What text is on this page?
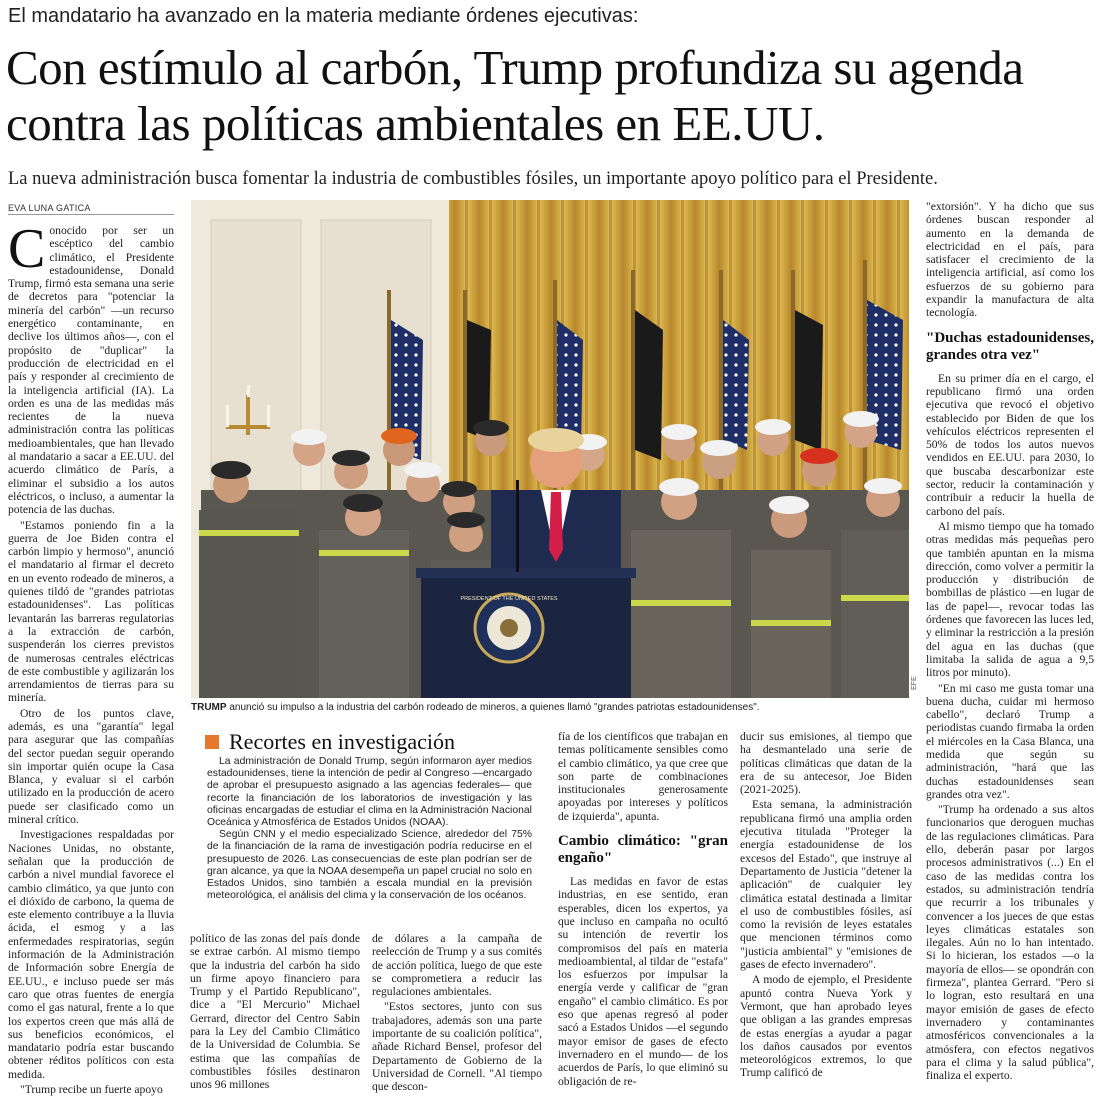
El mandatario ha avanzado en la materia mediante órdenes ejecutivas:
Con estímulo al carbón, Trump profundiza su agenda contra las políticas ambientales en EE.UU.
La nueva administración busca fomentar la industria de combustibles fósiles, un importante apoyo político para el Presidente.
EVA LUNA GATICA

Conocido por ser un escéptico del cambio climático, el Presidente estadounidense, Donald Trump, firmó esta semana una serie de decretos para "potenciar la minería del carbón" —un recurso energético contaminante, en declive los últimos años—, con el propósito de "duplicar" la producción de electricidad en el país y responder al crecimiento de la inteligencia artificial (IA). La orden es una de las medidas más recientes de la nueva administración contra las políticas medioambientales, que han llevado al mandatario a sacar a EE.UU. del acuerdo climático de París, a eliminar el subsidio a los autos eléctricos, o incluso, a aumentar la potencia de las duchas.

"Estamos poniendo fin a la guerra de Joe Biden contra el carbón limpio y hermoso", anunció el mandatario al firmar el decreto en un evento rodeado de mineros, a quienes tildó de "grandes patriotas estadounidenses". Las políticas levantarán las barreras regulatorias a la extracción de carbón, suspenderán los cierres previstos de numerosas centrales eléctricas de este combustible y agilizarán los arrendamientos de tierras para su minería.

Otro de los puntos clave, además, es una "garantía" legal para asegurar que las compañías del sector puedan seguir operando sin importar quién ocupe la Casa Blanca, y evaluar si el carbón utilizado en la producción de acero puede ser clasificado como un mineral crítico.

Investigaciones respaldadas por Naciones Unidas, no obstante, señalan que la producción de carbón a nivel mundial favorece el cambio climático, ya que junto con el dióxido de carbono, la quema de este elemento contribuye a la lluvia ácida, el esmog y a las enfermedades respiratorias, según información de la Administración de Información sobre Energía de EE.UU., e incluso puede ser más caro que otras fuentes de energía como el gas natural, frente a lo que los expertos creen que más allá de sus beneficios económicos, el mandatario podría estar buscando obtener réditos políticos con esta medida.

"Trump recibe un fuerte apoyo

PRESIDENT OF THE UNITED STATES
TRUMP anunció su impulso a la industria del carbón rodeado de mineros, a quienes llamó "grandes patriotas estadounidenses".
EFE
Recortes en investigación

La administración de Donald Trump, según informaron ayer medios estadounidenses, tiene la intención de pedir al Congreso —encargado de aprobar el presupuesto asignado a las agencias federales— que recorte la financiación de los laboratorios de investigación y las oficinas encargadas de estudiar el clima en la Administración Nacional Oceánica y Atmosférica de Estados Unidos (NOAA).

Según CNN y el medio especializado Science, alrededor del 75% de la financiación de la rama de investigación podría reducirse en el presupuesto de 2026. Las consecuencias de este plan podrían ser de gran alcance, ya que la NOAA desempeña un papel crucial no solo en Estados Unidos, sino también a escala mundial en la previsión meteorológica, el análisis del clima y la conservación de los océanos.

político de las zonas del país donde se extrae carbón. Al mismo tiempo que la industria del carbón ha sido un firme apoyo financiero para Trump y el Partido Republicano", dice a "El Mercurio" Michael Gerrard, director del Centro Sabin para la Ley del Cambio Climático de la Universidad de Columbia. Se estima que las compañías de combustibles fósiles destinaron unos 96 millones

de dólares a la campaña de reelección de Trump y a sus comités de acción política, luego de que este se comprometiera a reducir las regulaciones ambientales.

"Estos sectores, junto con sus trabajadores, además son una parte importante de su coalición política", añade Richard Bensel, profesor del Departamento de Gobierno de la Universidad de Cornell. "Al tiempo que descon-

fía de los científicos que trabajan en temas políticamente sensibles como el cambio climático, ya que cree que son parte de combinaciones institucionales generosamente apoyadas por intereses y políticos de izquierda", apunta.

Cambio climático: "gran engaño"

Las medidas en favor de estas industrias, en ese sentido, eran esperables, dicen los expertos, ya que incluso en campaña no ocultó su intención de revertir los compromisos del país en materia medioambiental, al tildar de "estafa" los esfuerzos por impulsar la energía verde y calificar de "gran engaño" el cambio climático. Es por eso que apenas regresó al poder sacó a Estados Unidos —el segundo mayor emisor de gases de efecto invernadero en el mundo— de los acuerdos de París, lo que eliminó su obligación de re-

ducir sus emisiones, al tiempo que ha desmantelado una serie de políticas climáticas que datan de la era de su antecesor, Joe Biden (2021-2025).

Esta semana, la administración republicana firmó una amplia orden ejecutiva titulada "Proteger la energía estadounidense de los excesos del Estado", que instruye al Departamento de Justicia "detener la aplicación" de cualquier ley climática estatal destinada a limitar el uso de combustibles fósiles, así como la revisión de leyes estatales que mencionen términos como "justicia ambiental" y "emisiones de gases de efecto invernadero".

A modo de ejemplo, el Presidente apuntó contra Nueva York y Vermont, que han aprobado leyes que obligan a las grandes empresas de estas energías a ayudar a pagar los daños causados por eventos meteorológicos extremos, lo que Trump calificó de

"extorsión". Y ha dicho que sus órdenes buscan responder al aumento en la demanda de electricidad en el país, para satisfacer el crecimiento de la inteligencia artificial, así como los esfuerzos de su gobierno para expandir la manufactura de alta tecnología.

"Duchas estadounidenses, grandes otra vez"

En su primer día en el cargo, el republicano firmó una orden ejecutiva que revocó el objetivo establecido por Biden de que los vehículos eléctricos representen el 50% de todos los autos nuevos vendidos en EE.UU. para 2030, lo que buscaba descarbonizar este sector, reducir la contaminación y contribuir a reducir la huella de carbono del país.

Al mismo tiempo que ha tomado otras medidas más pequeñas pero que también apuntan en la misma dirección, como volver a permitir la producción y distribución de bombillas de plástico —en lugar de las de papel—, revocar todas las órdenes que favorecen las luces led, y eliminar la restricción a la presión del agua en las duchas (que limitaba la salida de agua a 9,5 litros por minuto).

"En mi caso me gusta tomar una buena ducha, cuidar mi hermoso cabello", declaró Trump a periodistas cuando firmaba la orden el miércoles en la Casa Blanca, una medida que según su administración, "hará que las duchas estadounidenses sean grandes otra vez".

"Trump ha ordenado a sus altos funcionarios que deroguen muchas de las regulaciones climáticas. Para ello, deberán pasar por largos procesos administrativos (...) En el caso de las medidas contra los estados, su administración tendría que recurrir a los tribunales y convencer a los jueces de que estas leyes climáticas estatales son ilegales. Aún no lo han intentado. Si lo hicieran, los estados —o la mayoría de ellos— se opondrán con firmeza", plantea Gerrard. "Pero si lo logran, esto resultará en una mayor emisión de gases de efecto invernadero y contaminantes atmosféricos convencionales a la atmósfera, con efectos negativos para el clima y la salud pública", finaliza el experto.
